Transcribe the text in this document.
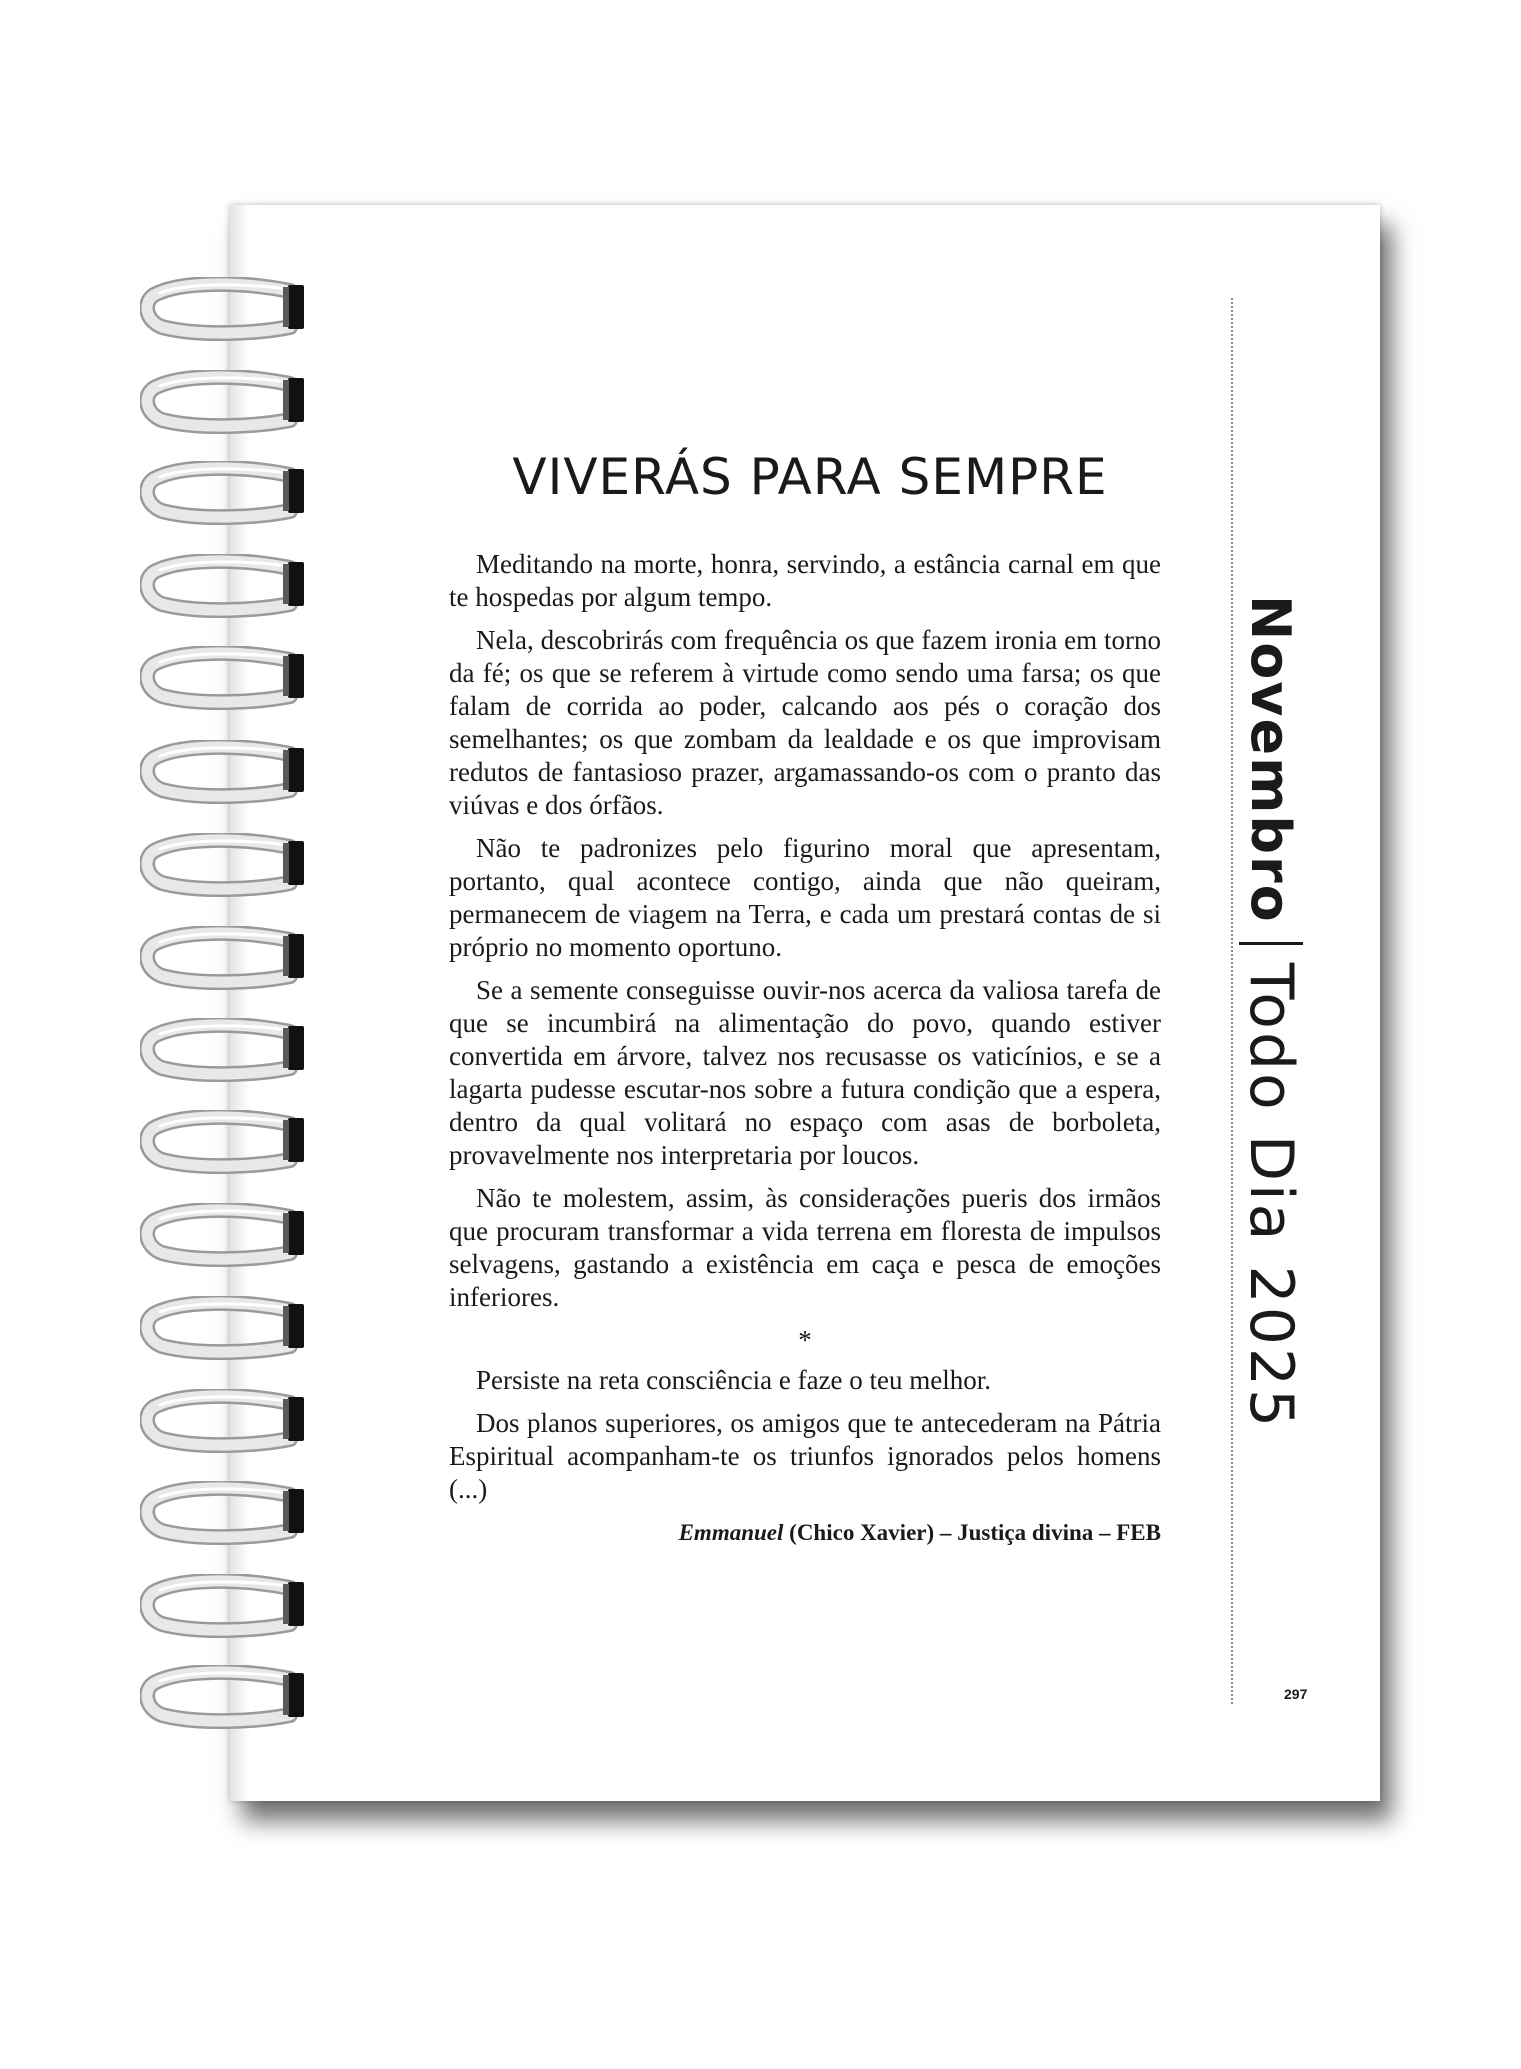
VIVERÁS PARA SEMPRE

Meditando na morte, honra, servindo, a estância carnal em que te hospedas por algum tempo.

Nela, descobrirás com frequência os que fazem ironia em torno da fé; os que se referem à virtude como sendo uma farsa; os que falam de corrida ao poder, calcando aos pés o coração dos semelhantes; os que zombam da lealdade e os que improvisam redutos de fantasioso prazer, argamassando-os com o pranto das viúvas e dos órfãos.

Não te padronizes pelo figurino moral que apresentam, portanto, qual acontece contigo, ainda que não queiram, permanecem de viagem na Terra, e cada um prestará contas de si próprio no momento oportuno.

Se a semente conseguisse ouvir-nos acerca da valiosa tarefa de que se incumbirá na alimentação do povo, quando estiver convertida em árvore, talvez nos recusasse os vaticínios, e se a lagarta pudesse escutar-nos sobre a futura condição que a espera, dentro da qual volitará no espaço com asas de borboleta, provavelmente nos interpretaria por loucos.

Não te molestem, assim, às considerações pueris dos irmãos que procuram transformar a vida terrena em floresta de impulsos selvagens, gastando a existência em caça e pesca de emoções inferiores.

*

Persiste na reta consciência e faze o teu melhor.

Dos planos superiores, os amigos que te antecederam na Pátria Espiritual acompanham-te os triunfos ignorados pelos homens (...)

Emmanuel (Chico Xavier) – Justiça divina – FEB
Novembro
Todo Dia 2025
297
